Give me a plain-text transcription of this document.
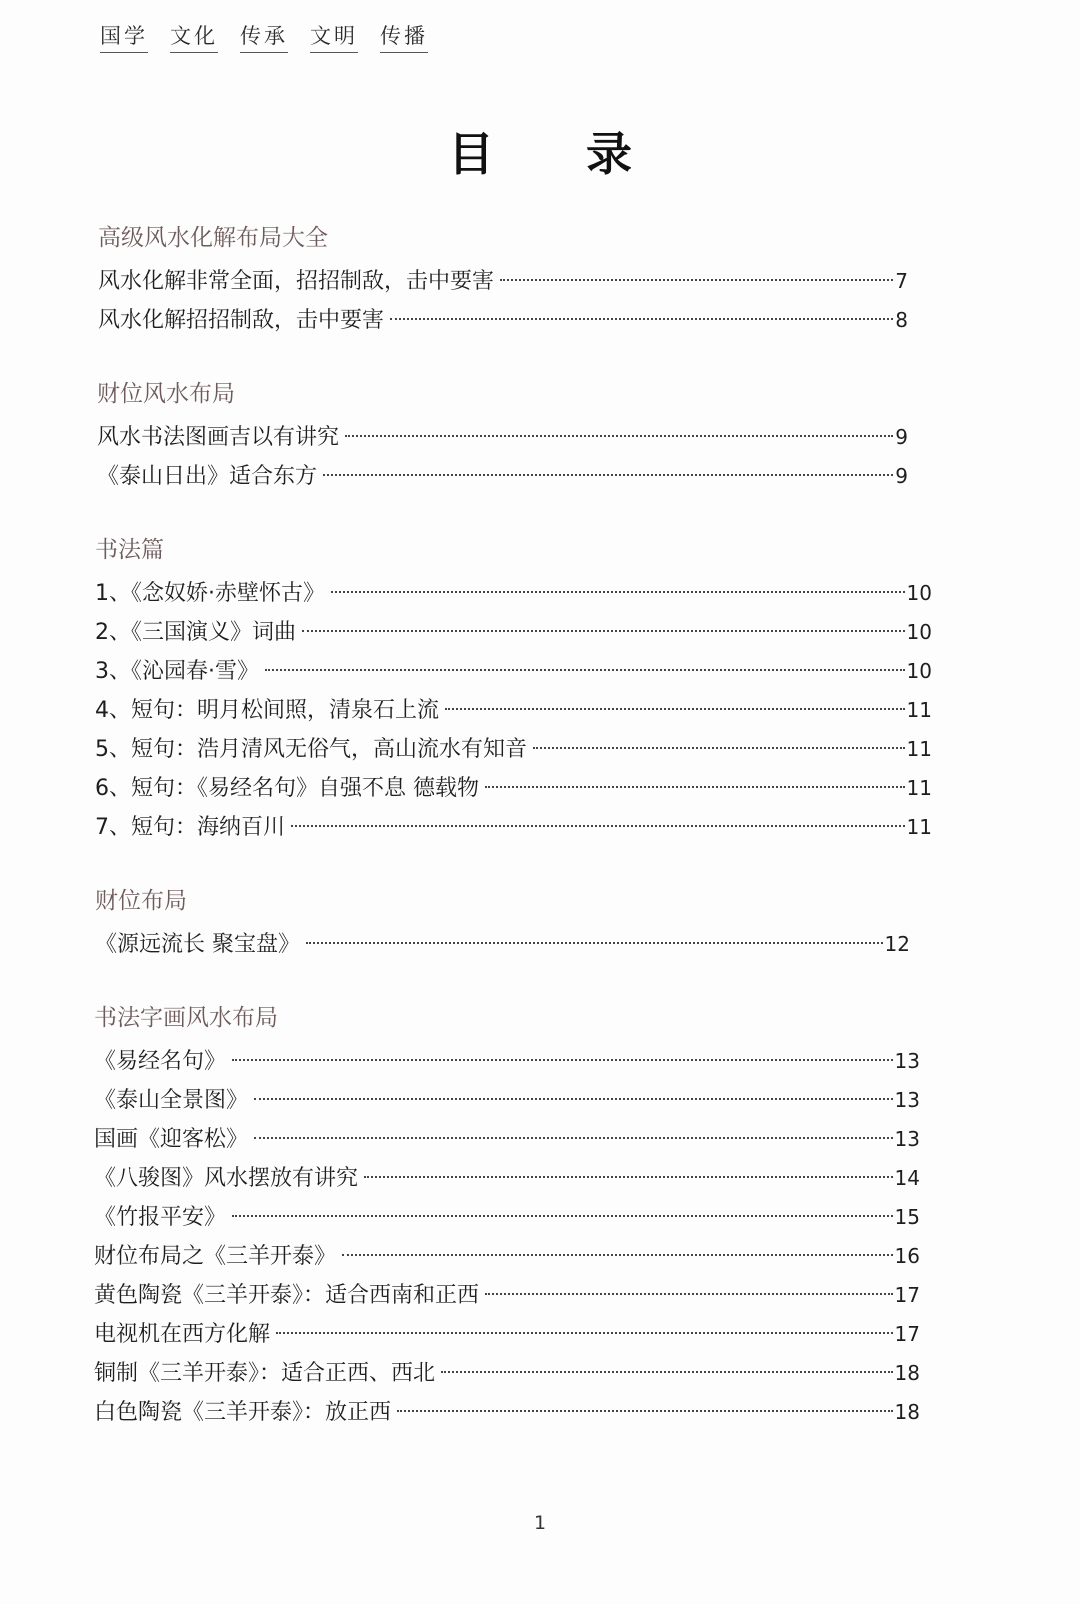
国学 文化 传承 文明 传播
目 录
高级风水化解布局大全
风水化解非常全面，招招制敌，击中要害	7
风水化解招招制敌，击中要害	8
财位风水布局
风水书法图画吉以有讲究	9
《泰山日出》适合东方	9
书法篇
1、《念奴娇·赤壁怀古》	10
2、《三国演义》词曲	10
3、《沁园春·雪》	10
4、短句：明月松间照，清泉石上流	11
5、短句：浩月清风无俗气，高山流水有知音	11
6、短句：《易经名句》自强不息 德载物	11
7、短句：海纳百川	11
财位布局
《源远流长 聚宝盘》	12
书法字画风水布局
《易经名句》	13
《泰山全景图》	13
国画《迎客松》	13
《八骏图》风水摆放有讲究	14
《竹报平安》	15
财位布局之《三羊开泰》	16
黄色陶瓷《三羊开泰》：适合西南和正西	17
电视机在西方化解	17
铜制《三羊开泰》：适合正西、西北	18
白色陶瓷《三羊开泰》：放正西	18
1
